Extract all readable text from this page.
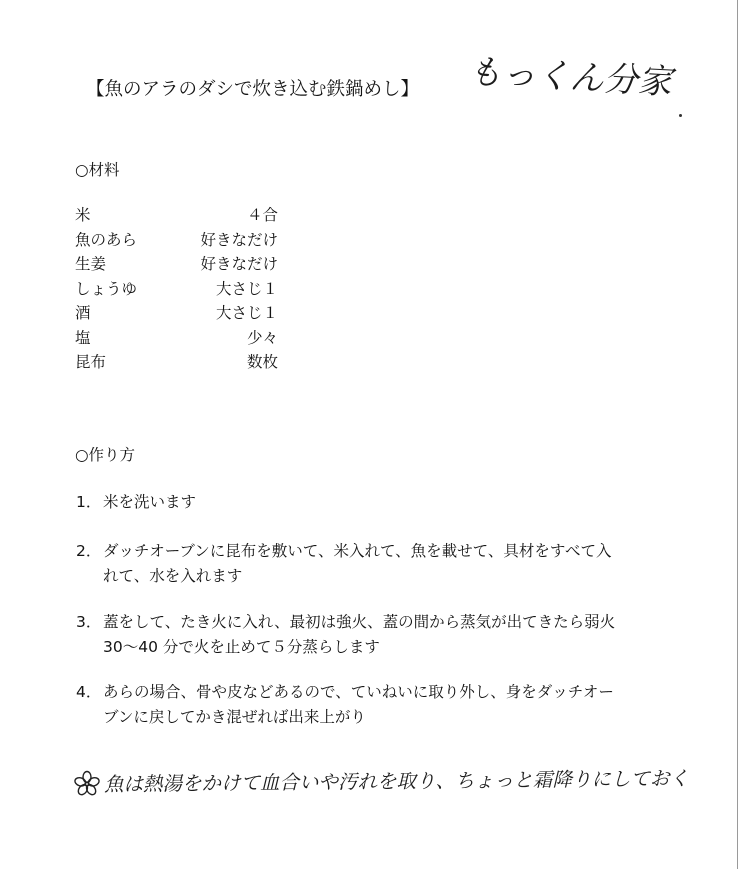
【魚のアラのダシで炊き込む鉄鍋めし】 もっくん分家
○材料
米	４合
魚のあら	好きなだけ
生姜	好きなだけ
しょうゆ	大さじ１
酒	大さじ１
塩	少々
昆布	数枚
○作り方
1． 米を洗います
2． ダッチオーブンに昆布を敷いて、米入れて、魚を載せて、具材をすべて入
れて、水を入れます
3． 蓋をして、たき火に入れ、最初は強火、蓋の間から蒸気が出てきたら弱火
30～40 分で火を止めて５分蒸らします
4． あらの場合、骨や皮などあるので、ていねいに取り外し、身をダッチオー
ブンに戻してかき混ぜれば出来上がり
魚は熱湯をかけて血合いや汚れを取り、ちょっと霜降りにしておく
